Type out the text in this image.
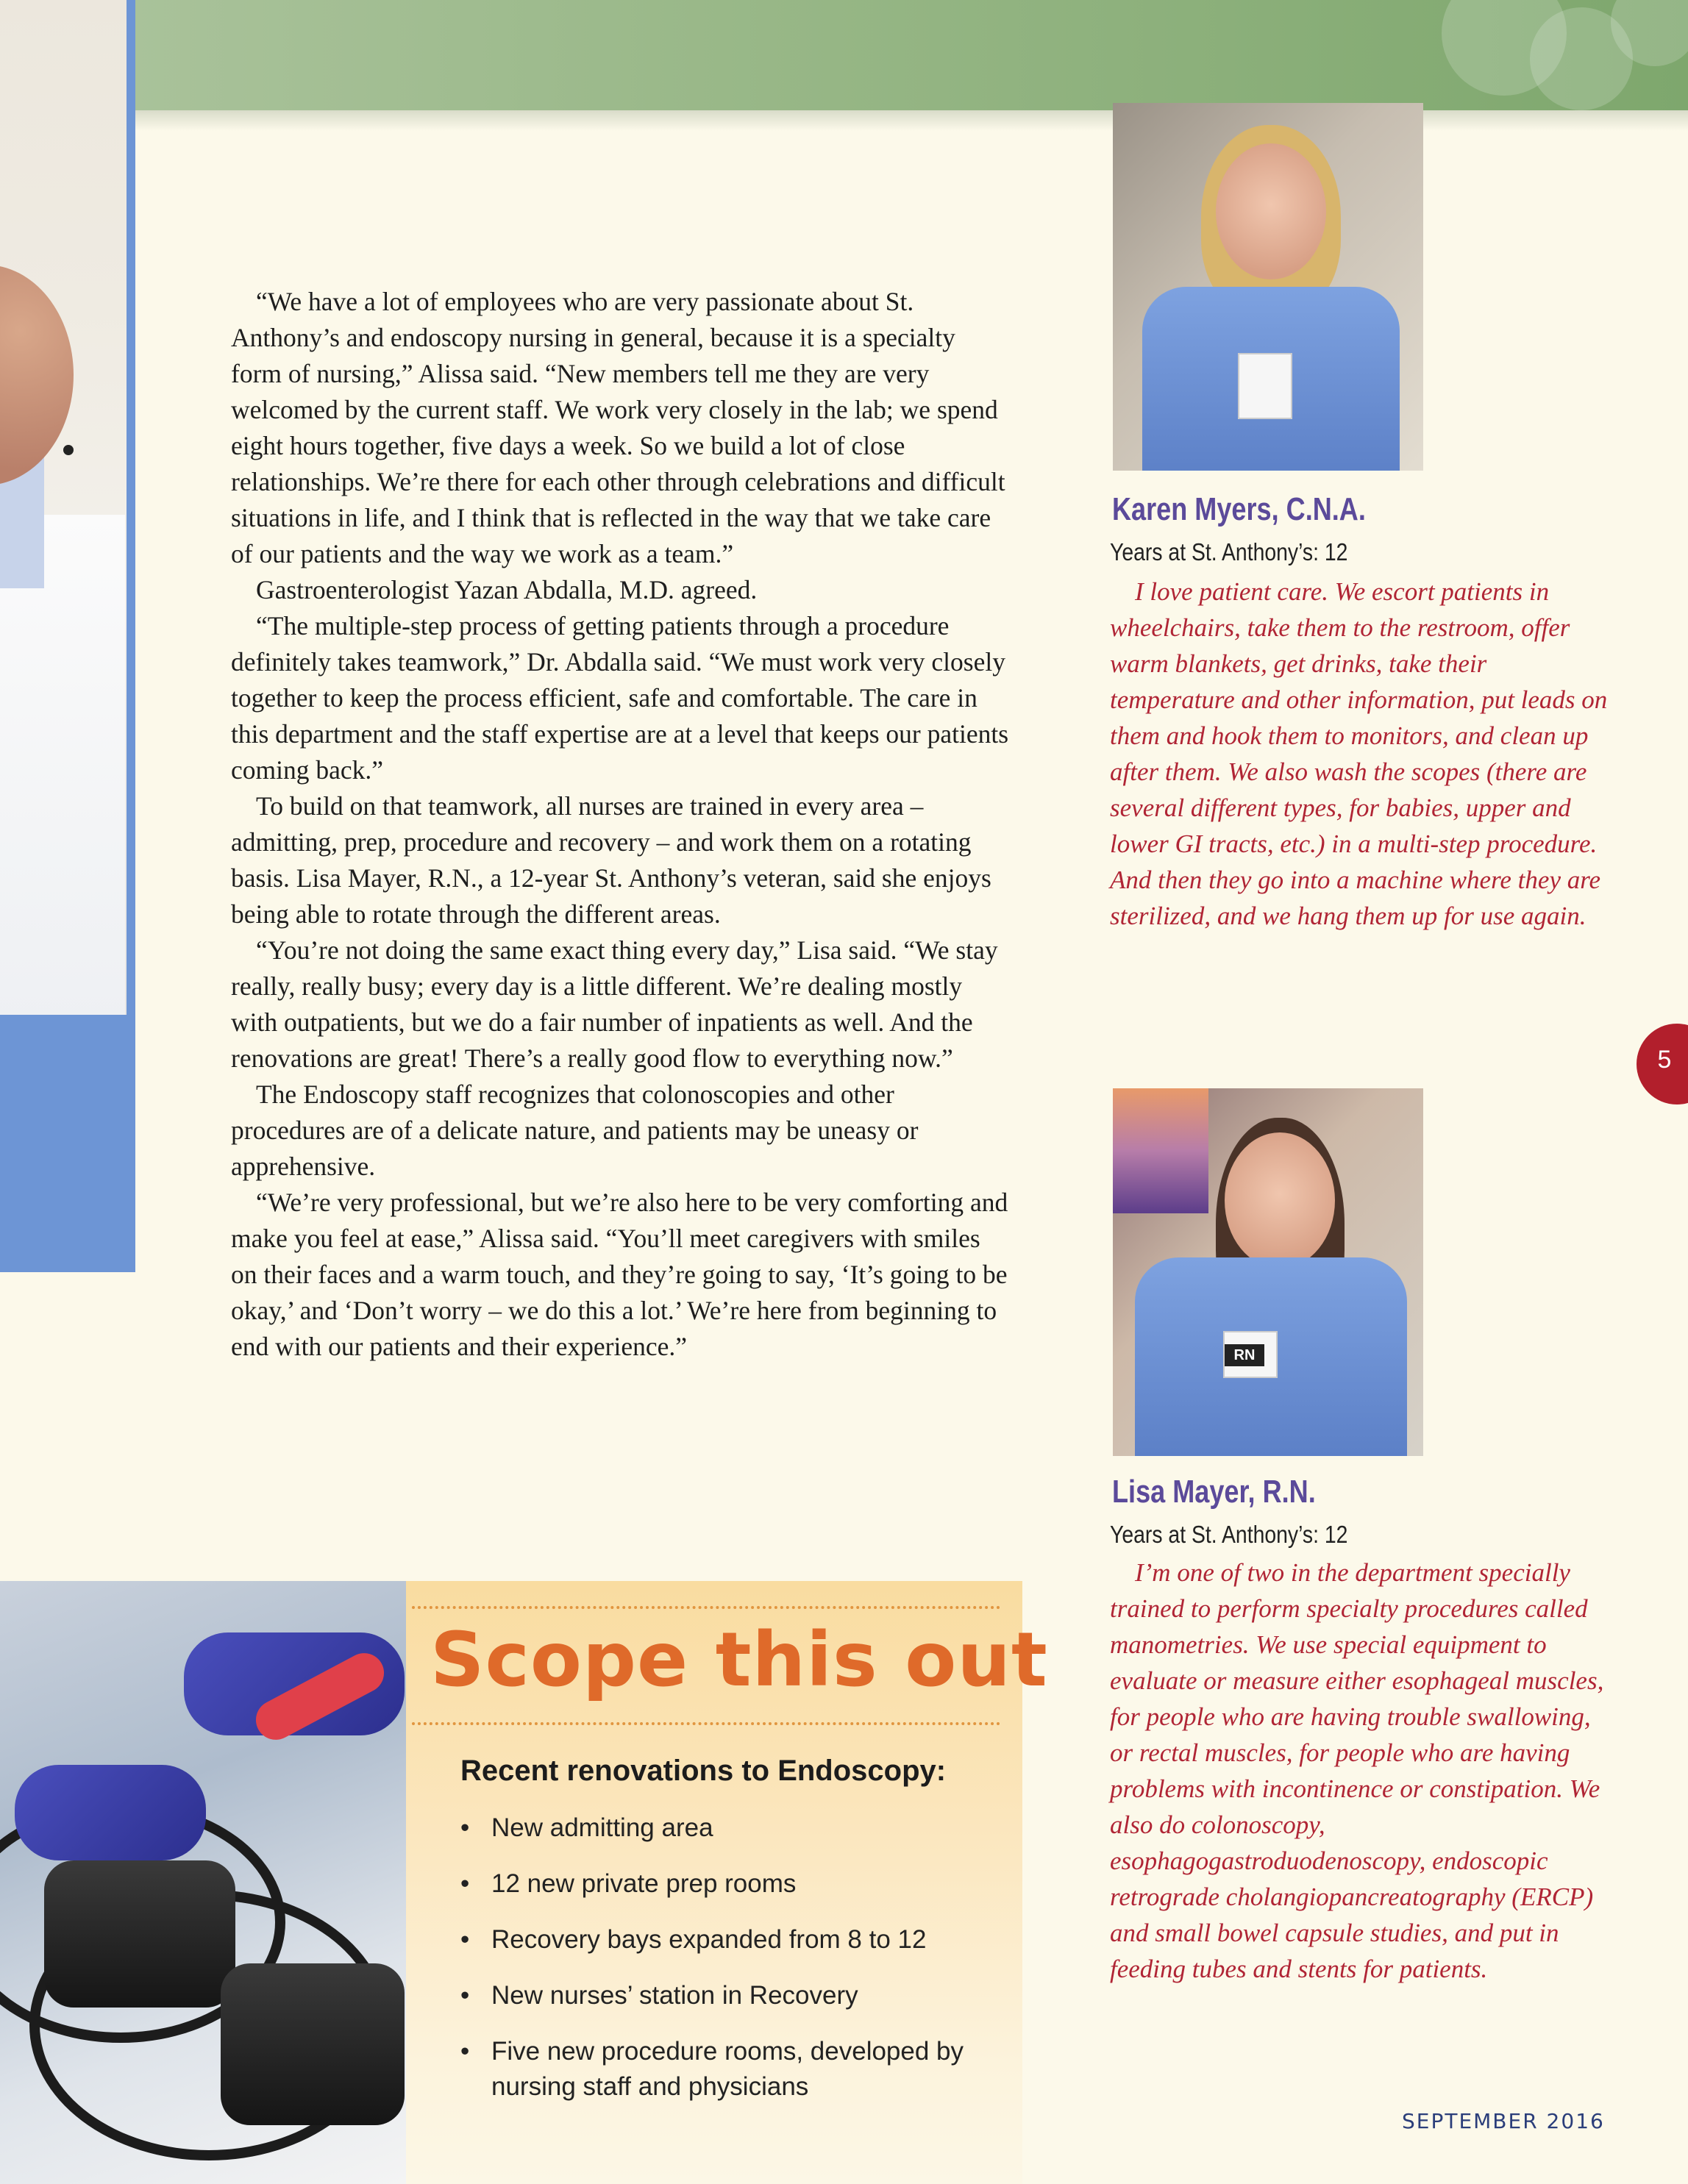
“We have a lot of employees who are very passionate about St. Anthony’s and endoscopy nursing in general, because it is a specialty form of nursing,” Alissa said. “New members tell me they are very welcomed by the current staff. We work very closely in the lab; we spend eight hours together, five days a week. So we build a lot of close relationships. We’re there for each other through celebrations and difficult situations in life, and I think that is reflected in the way that we take care of our patients and the way we work as a team.”

Gastroenterologist Yazan Abdalla, M.D. agreed.

“The multiple-step process of getting patients through a procedure definitely takes teamwork,” Dr. Abdalla said. “We must work very closely together to keep the process efficient, safe and comfortable. The care in this department and the staff expertise are at a level that keeps our patients coming back.”

To build on that teamwork, all nurses are trained in every area – admitting, prep, procedure and recovery – and work them on a rotating basis. Lisa Mayer, R.N., a 12-year St. Anthony’s veteran, said she enjoys being able to rotate through the different areas.

“You’re not doing the same exact thing every day,” Lisa said. “We stay really, really busy; every day is a little different. We’re dealing mostly with outpatients, but we do a fair number of inpatients as well. And the renovations are great! There’s a really good flow to everything now.”

The Endoscopy staff recognizes that colonoscopies and other procedures are of a delicate nature, and patients may be uneasy or apprehensive.

“We’re very professional, but we’re also here to be very comforting and make you feel at ease,” Alissa said. “You’ll meet caregivers with smiles on their faces and a warm touch, and they’re going to say, ‘It’s going to be okay,’ and ‘Don’t worry – we do this a lot.’ We’re here from beginning to end with our patients and their experience.”

Karen Myers, C.N.A.
Years at St. Anthony’s: 12
I love patient care. We escort patients in wheelchairs, take them to the restroom, offer warm blankets, get drinks, take their temperature and other information, put leads on them and hook them to monitors, and clean up after them. We also wash the scopes (there are several different types, for babies, upper and lower GI tracts, etc.) in a multi-step procedure. And then they go into a machine where they are sterilized, and we hang them up for use again.
RN
Lisa Mayer, R.N.
Years at St. Anthony’s: 12
I’m one of two in the department specially trained to perform specialty procedures called manometries. We use special equipment to evaluate or measure either esophageal muscles, for people who are having trouble swallowing, or rectal muscles, for people who are having problems with incontinence or constipation. We also do colonoscopy, esophagogastroduodenoscopy, endoscopic retrograde cholangiopancreatography (ERCP) and small bowel capsule studies, and put in feeding tubes and stents for patients.
5
Scope this out
Recent renovations to Endoscopy:
• New admitting area
• 12 new private prep rooms
• Recovery bays expanded from 8 to 12
• New nurses’ station in Recovery
• Five new procedure rooms, developed by nursing staff and physicians
SEPTEMBER 2016
